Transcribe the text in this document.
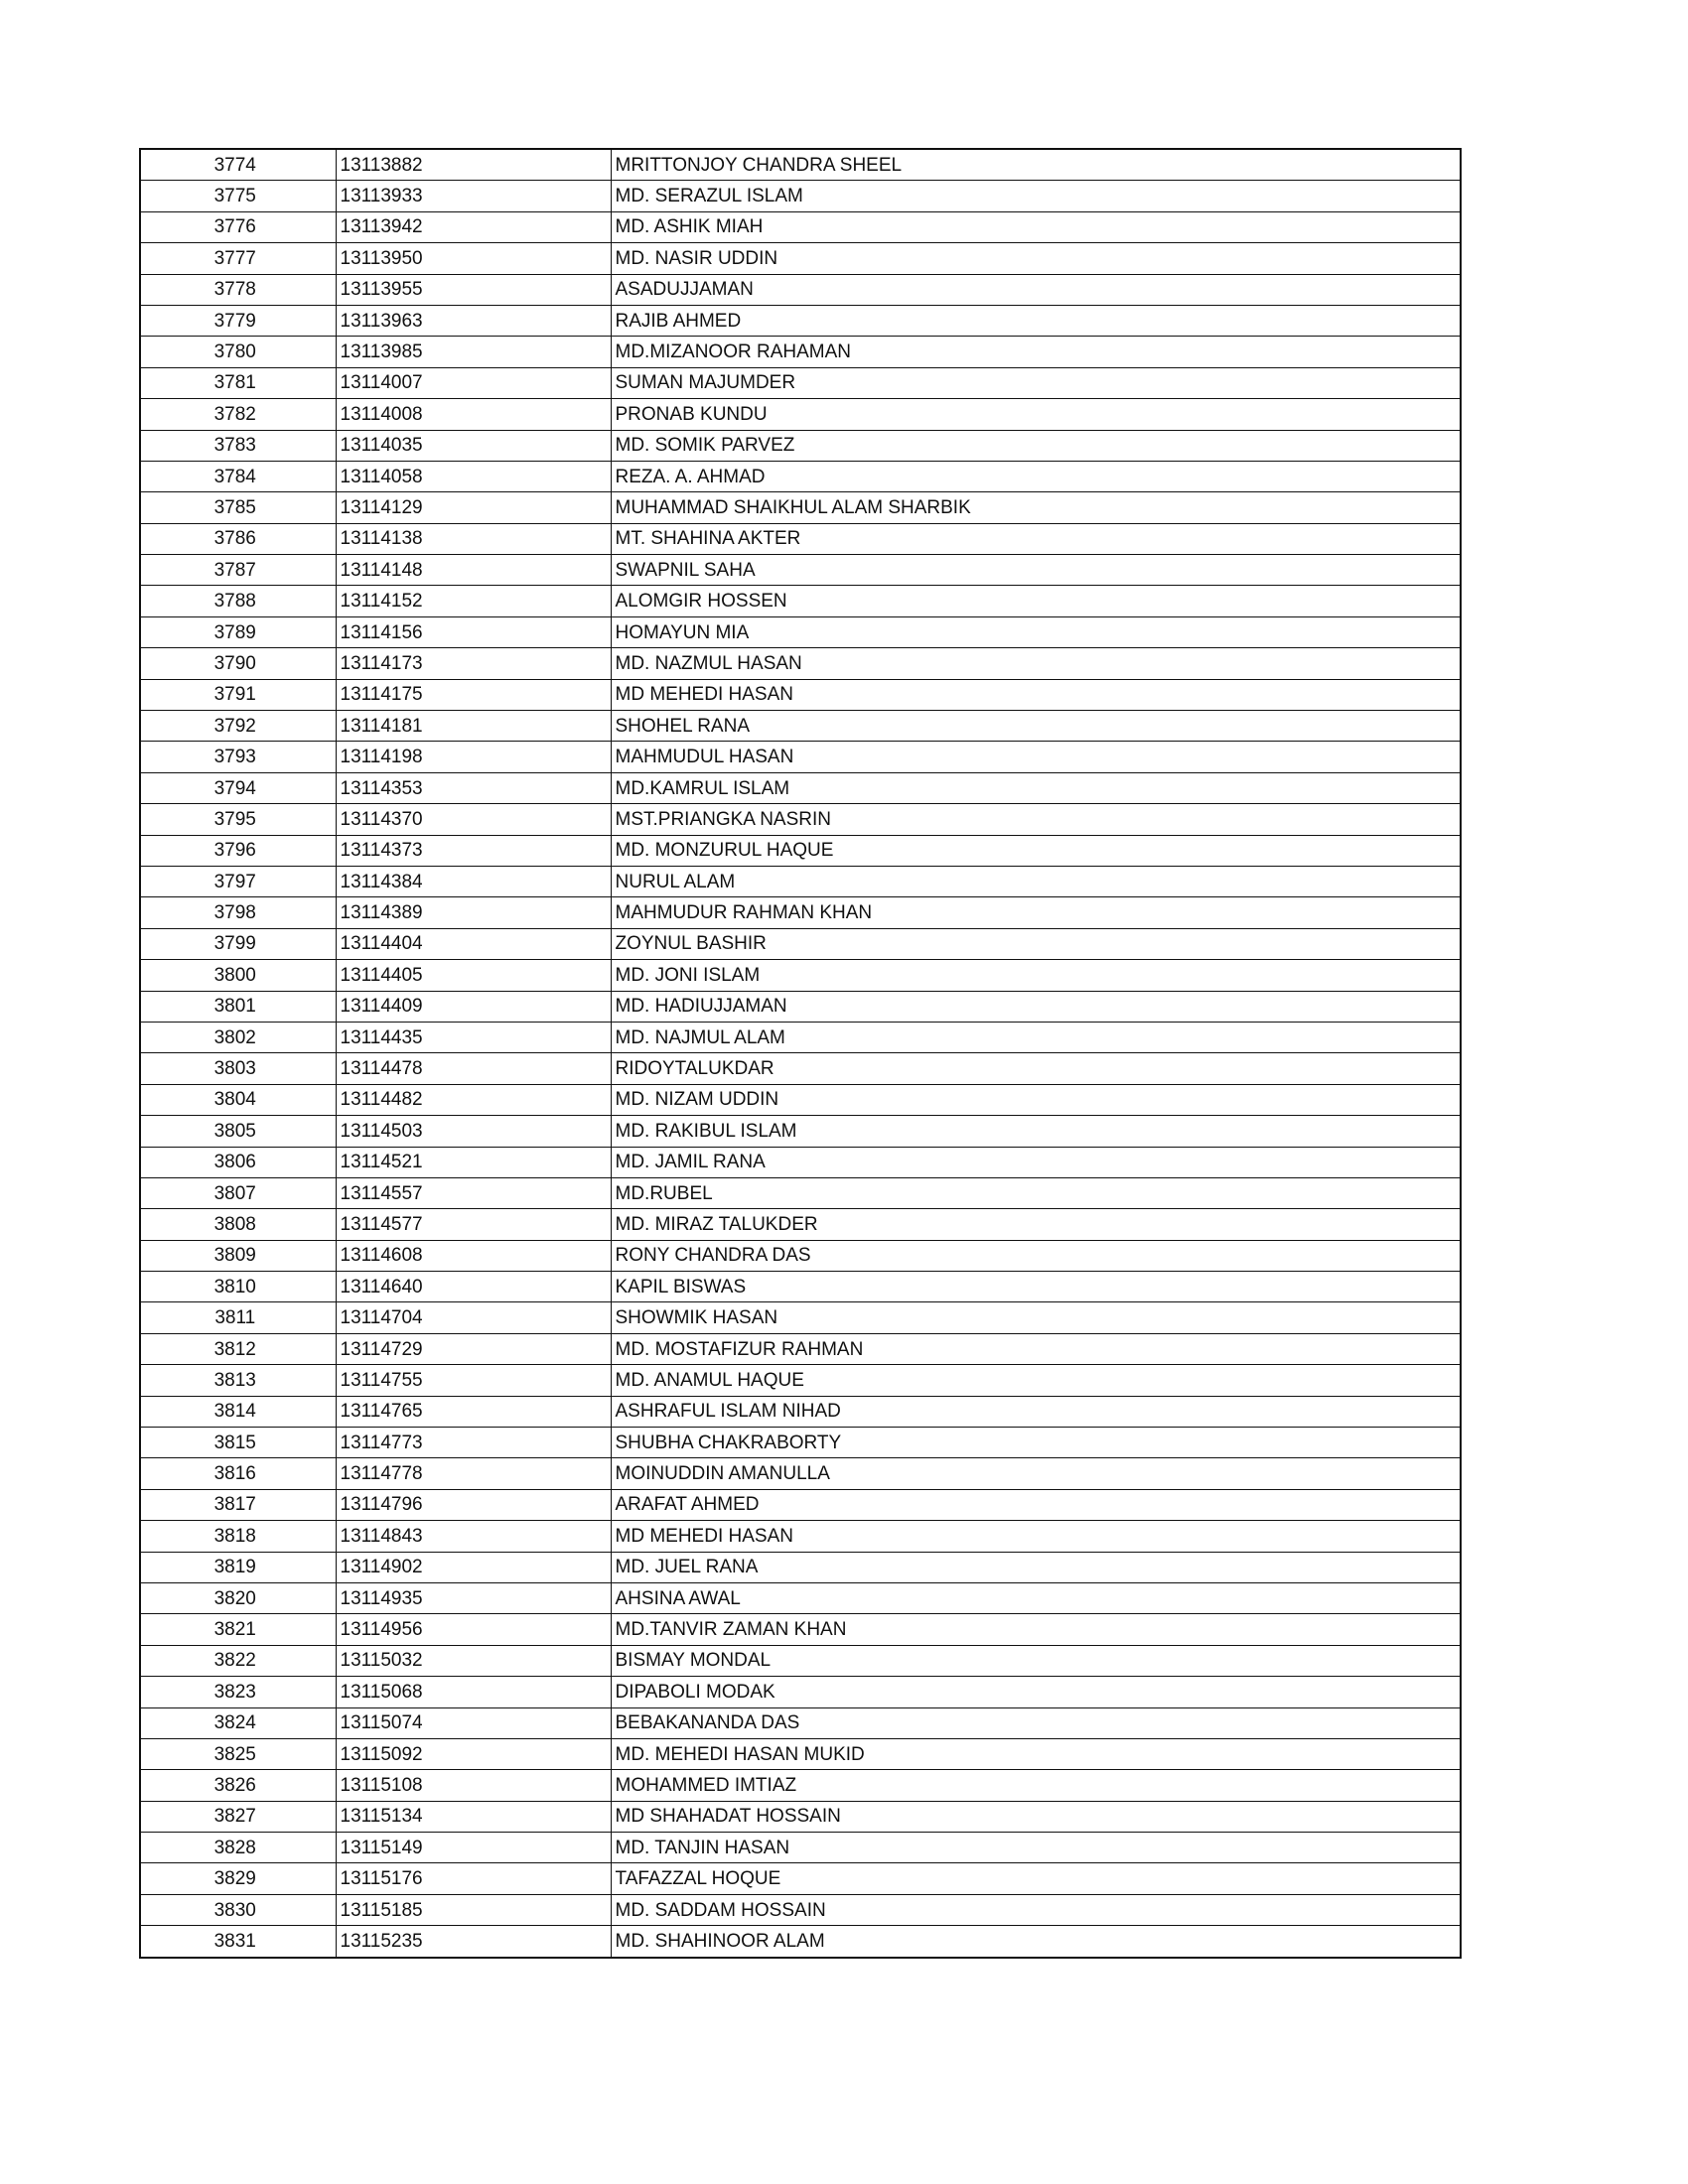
3774	13113882	MRITTONJOY CHANDRA SHEEL
3775	13113933	MD. SERAZUL ISLAM
3776	13113942	MD. ASHIK MIAH
3777	13113950	MD. NASIR UDDIN
3778	13113955	ASADUJJAMAN
3779	13113963	RAJIB AHMED
3780	13113985	MD.MIZANOOR RAHAMAN
3781	13114007	SUMAN MAJUMDER
3782	13114008	PRONAB KUNDU
3783	13114035	MD. SOMIK PARVEZ
3784	13114058	REZA. A. AHMAD
3785	13114129	MUHAMMAD SHAIKHUL ALAM SHARBIK
3786	13114138	MT. SHAHINA AKTER
3787	13114148	SWAPNIL SAHA
3788	13114152	ALOMGIR HOSSEN
3789	13114156	HOMAYUN MIA
3790	13114173	MD. NAZMUL HASAN
3791	13114175	MD MEHEDI HASAN
3792	13114181	SHOHEL RANA
3793	13114198	MAHMUDUL HASAN
3794	13114353	MD.KAMRUL ISLAM
3795	13114370	MST.PRIANGKA NASRIN
3796	13114373	MD. MONZURUL HAQUE
3797	13114384	NURUL ALAM
3798	13114389	MAHMUDUR RAHMAN KHAN
3799	13114404	ZOYNUL BASHIR
3800	13114405	MD. JONI ISLAM
3801	13114409	MD. HADIUJJAMAN
3802	13114435	MD. NAJMUL ALAM
3803	13114478	RIDOYTALUKDAR
3804	13114482	MD. NIZAM UDDIN
3805	13114503	MD. RAKIBUL ISLAM
3806	13114521	MD. JAMIL RANA
3807	13114557	MD.RUBEL
3808	13114577	MD. MIRAZ TALUKDER
3809	13114608	RONY CHANDRA DAS
3810	13114640	KAPIL BISWAS
3811	13114704	SHOWMIK HASAN
3812	13114729	MD. MOSTAFIZUR RAHMAN
3813	13114755	MD. ANAMUL HAQUE
3814	13114765	ASHRAFUL ISLAM NIHAD
3815	13114773	SHUBHA CHAKRABORTY
3816	13114778	MOINUDDIN AMANULLA
3817	13114796	ARAFAT AHMED
3818	13114843	MD MEHEDI HASAN
3819	13114902	MD. JUEL RANA
3820	13114935	AHSINA AWAL
3821	13114956	MD.TANVIR ZAMAN KHAN
3822	13115032	BISMAY MONDAL
3823	13115068	DIPABOLI MODAK
3824	13115074	BEBAKANANDA DAS
3825	13115092	MD. MEHEDI HASAN MUKID
3826	13115108	MOHAMMED IMTIAZ
3827	13115134	MD SHAHADAT HOSSAIN
3828	13115149	MD. TANJIN HASAN
3829	13115176	TAFAZZAL HOQUE
3830	13115185	MD. SADDAM HOSSAIN
3831	13115235	MD. SHAHINOOR ALAM
